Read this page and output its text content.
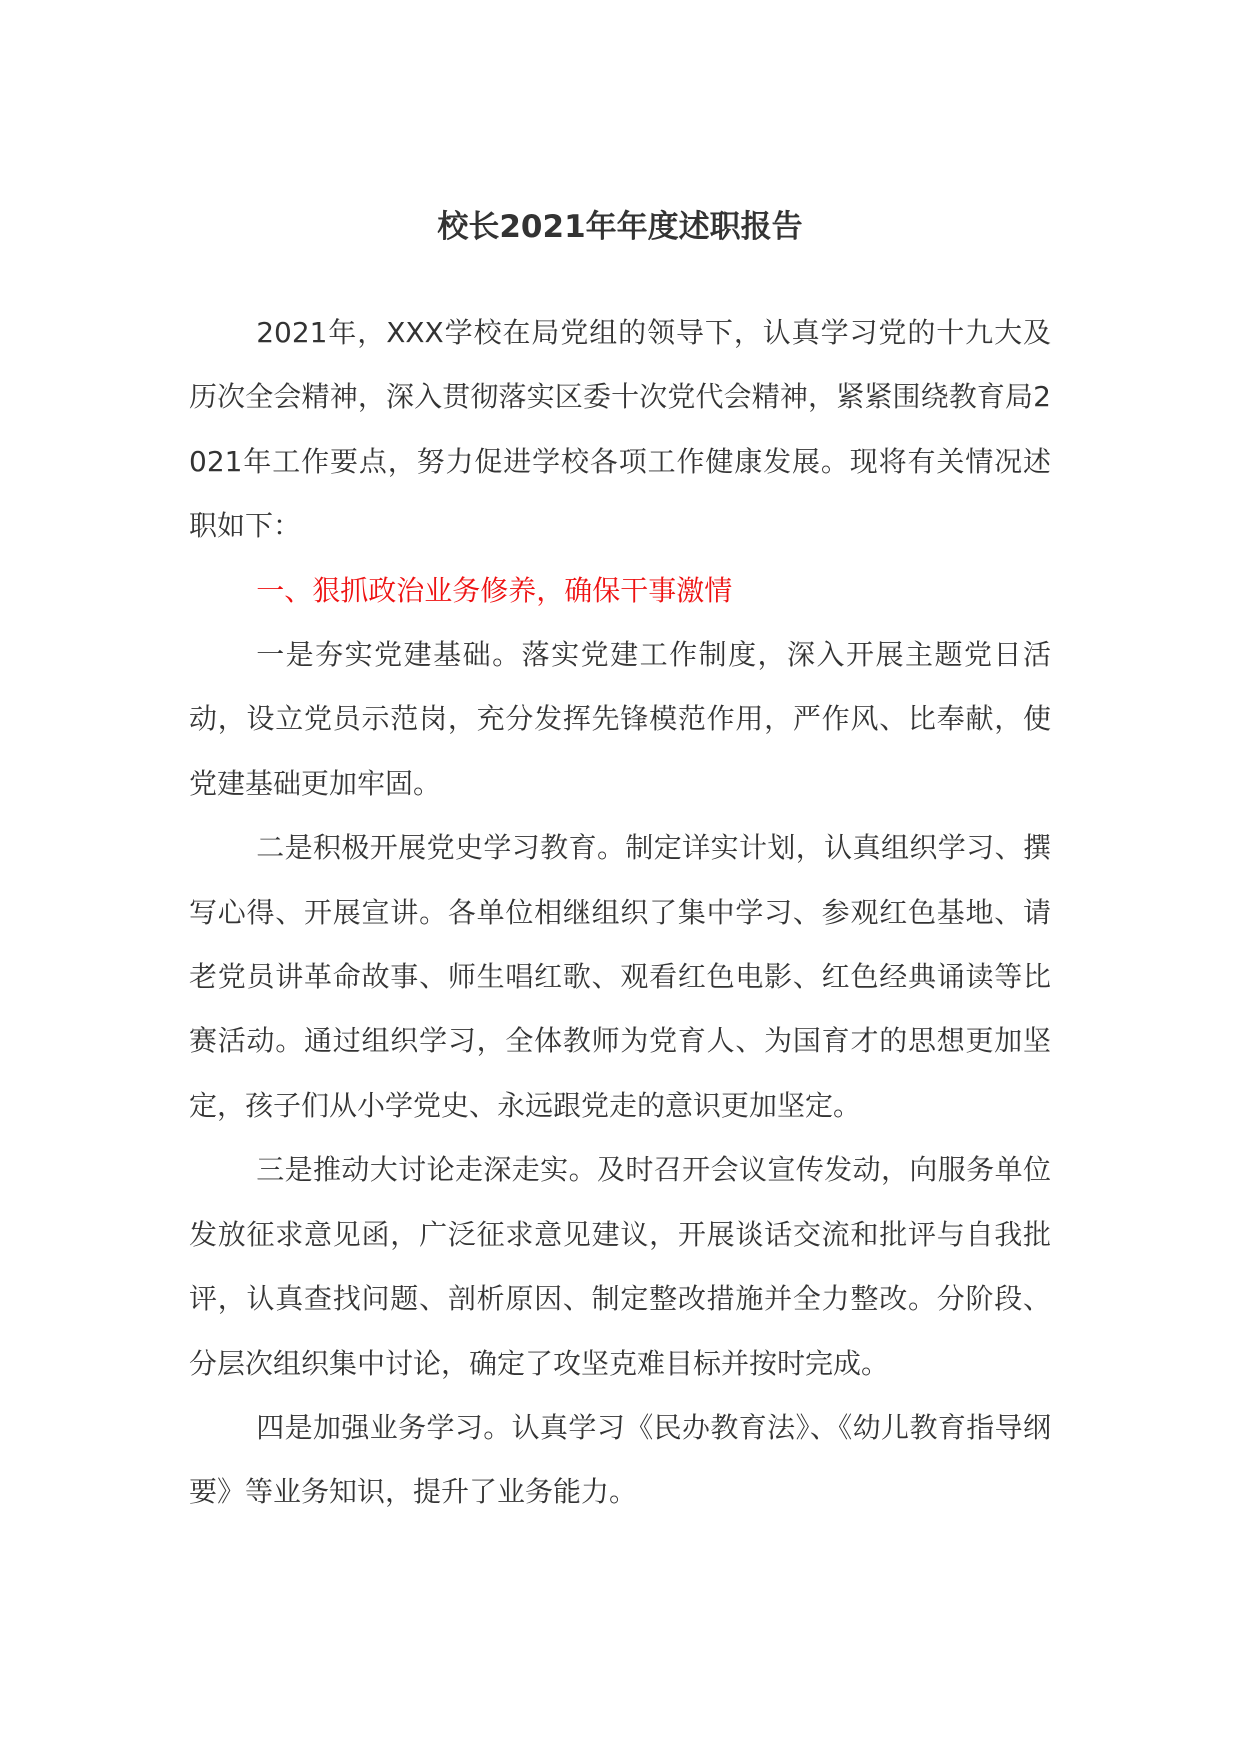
校长2021年年度述职报告

2021年，XXX学校在局党组的领导下，认真学习党的十九大及历次全会精神，深入贯彻落实区委十次党代会精神，紧紧围绕教育局2021年工作要点，努力促进学校各项工作健康发展。现将有关情况述职如下：

一、狠抓政治业务修养，确保干事激情

一是夯实党建基础。落实党建工作制度，深入开展主题党日活动，设立党员示范岗，充分发挥先锋模范作用，严作风、比奉献，使党建基础更加牢固。

二是积极开展党史学习教育。制定详实计划，认真组织学习、撰写心得、开展宣讲。各单位相继组织了集中学习、参观红色基地、请老党员讲革命故事、师生唱红歌、观看红色电影、红色经典诵读等比赛活动。通过组织学习，全体教师为党育人、为国育才的思想更加坚定，孩子们从小学党史、永远跟党走的意识更加坚定。

三是推动大讨论走深走实。及时召开会议宣传发动，向服务单位发放征求意见函，广泛征求意见建议，开展谈话交流和批评与自我批评，认真查找问题、剖析原因、制定整改措施并全力整改。分阶段、分层次组织集中讨论，确定了攻坚克难目标并按时完成。

四是加强业务学习。认真学习《民办教育法》、《幼儿教育指导纲要》等业务知识，提升了业务能力。
